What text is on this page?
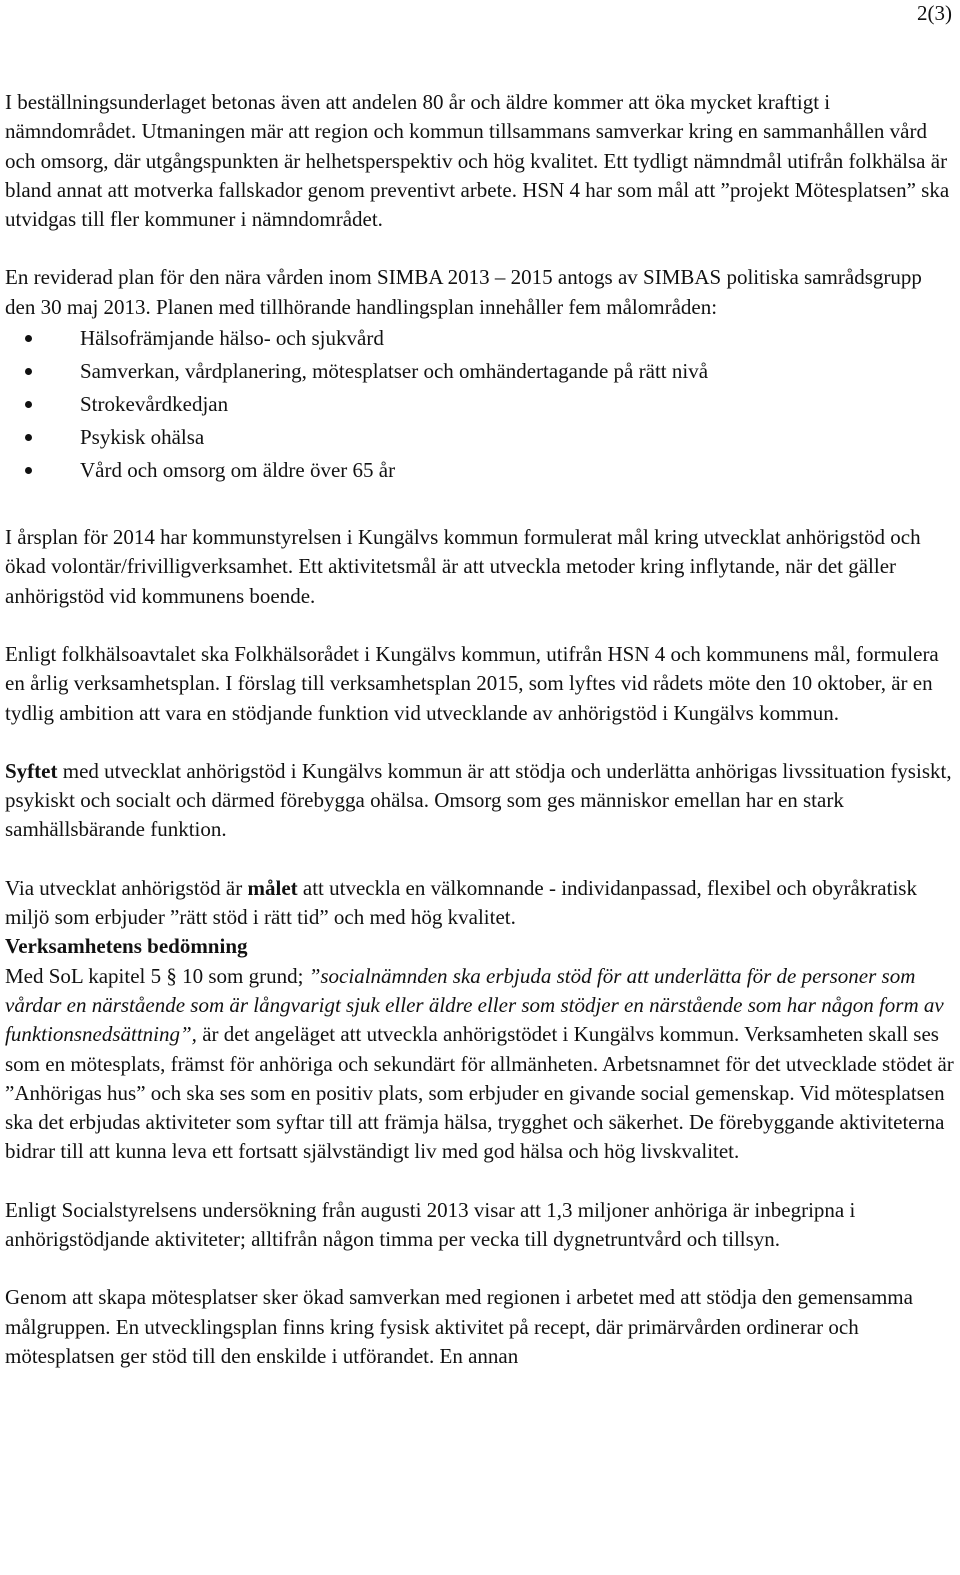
2(3)

I beställningsunderlaget betonas även att andelen 80 år och äldre kommer att öka mycket kraftigt i nämndområdet. Utmaningen mär att region och kommun tillsammans samverkar kring en sammanhållen vård och omsorg, där utgångspunkten är helhetsperspektiv och hög kvalitet. Ett tydligt nämndmål utifrån folkhälsa är bland annat att motverka fallskador genom preventivt arbete. HSN 4 har som mål att ”projekt Mötesplatsen” ska utvidgas till fler kommuner i nämndområdet.

En reviderad plan för den nära vården inom SIMBA 2013 – 2015 antogs av SIMBAS politiska samrådsgrupp den 30 maj 2013. Planen med tillhörande handlingsplan innehåller fem målområden:

Hälsofrämjande hälso- och sjukvård
Samverkan, vårdplanering, mötesplatser och omhändertagande på rätt nivå
Strokevårdkedjan
Psykisk ohälsa
Vård och omsorg om äldre över 65 år

I årsplan för 2014 har kommunstyrelsen i Kungälvs kommun formulerat mål kring utvecklat anhörigstöd och ökad volontär/frivilligverksamhet. Ett aktivitetsmål är att utveckla metoder kring inflytande, när det gäller anhörigstöd vid kommunens boende.

Enligt folkhälsoavtalet ska Folkhälsorådet i Kungälvs kommun, utifrån HSN 4 och kommunens mål, formulera en årlig verksamhetsplan. I förslag till verksamhetsplan 2015, som lyftes vid rådets möte den 10 oktober, är en tydlig ambition att vara en stödjande funktion vid utvecklande av anhörigstöd i Kungälvs kommun.

Syftet med utvecklat anhörigstöd i Kungälvs kommun är att stödja och underlätta anhörigas livssituation fysiskt, psykiskt och socialt och därmed förebygga ohälsa. Omsorg som ges människor emellan har en stark samhällsbärande funktion.

Via utvecklat anhörigstöd är målet att utveckla en välkomnande - individanpassad, flexibel och obyråkratisk miljö som erbjuder ”rätt stöd i rätt tid” och med hög kvalitet.

Verksamhetens bedömning

Med SoL kapitel 5 § 10 som grund; ”socialnämnden ska erbjuda stöd för att underlätta för de personer som vårdar en närstående som är långvarigt sjuk eller äldre eller som stödjer en närstående som har någon form av funktionsnedsättning”, är det angeläget att utveckla anhörigstödet i Kungälvs kommun. Verksamheten skall ses som en mötesplats, främst för anhöriga och sekundärt för allmänheten. Arbetsnamnet för det utvecklade stödet är ”Anhörigas hus” och ska ses som en positiv plats, som erbjuder en givande social gemenskap. Vid mötesplatsen ska det erbjudas aktiviteter som syftar till att främja hälsa, trygghet och säkerhet. De förebyggande aktiviteterna bidrar till att kunna leva ett fortsatt självständigt liv med god hälsa och hög livskvalitet.

Enligt Socialstyrelsens undersökning från augusti 2013 visar att 1,3 miljoner anhöriga är inbegripna i anhörigstödjande aktiviteter; alltifrån någon timma per vecka till dygnetruntvård och tillsyn.

Genom att skapa mötesplatser sker ökad samverkan med regionen i arbetet med att stödja den gemensamma målgruppen. En utvecklingsplan finns kring fysisk aktivitet på recept, där primärvården ordinerar och mötesplatsen ger stöd till den enskilde i utförandet. En annan
